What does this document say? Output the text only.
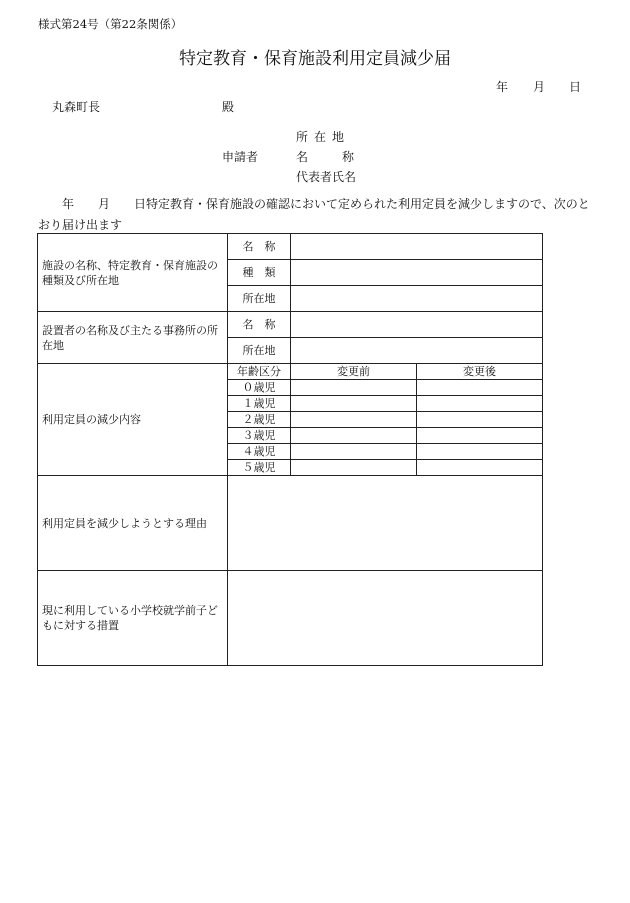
様式第24号（第22条関係）
特定教育・保育施設利用定員減少届
年 月 日
丸森町長	殿
申請者
所在地
名称
代表者氏名
　　年　　月　　日特定教育・保育施設の確認において定められた利用定員を減少しますので、次のとおり届け出ます
施設の名称、特定教育・保育施設の種類及び所在地	名　称		
	種　類		
	所在地		
設置者の名称及び主たる事務所の所在地	名　称		
	所在地		
利用定員の減少内容	年齢区分	変更前	変更後
	０歳児		
	１歳児		
	２歳児		
	３歳児		
	４歳児		
	５歳児		
利用定員を減少しようとする理由			
現に利用している小学校就学前子どもに対する措置			
